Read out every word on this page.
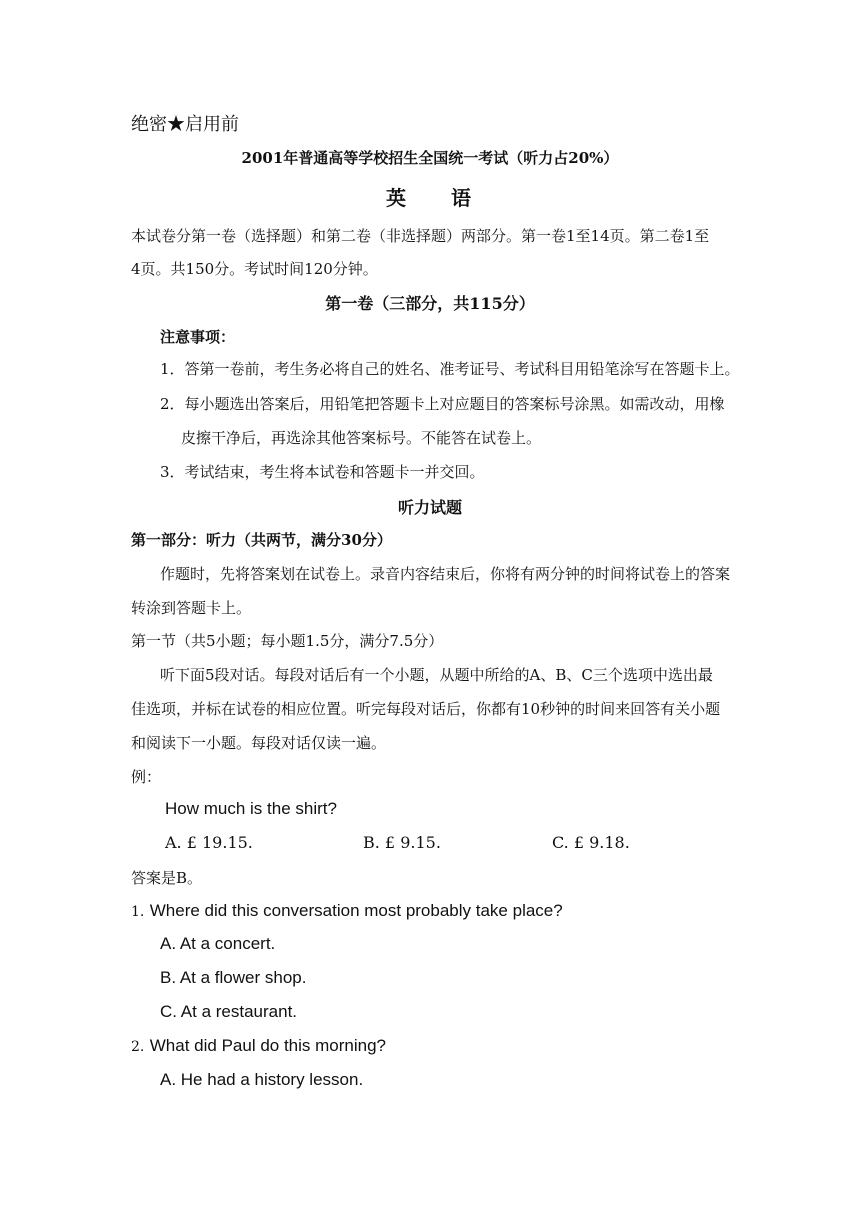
绝密★启用前
2001年普通高等学校招生全国统一考试（听力占20%）
英 语
本试卷分第一卷（选择题）和第二卷（非选择题）两部分。第一卷1至14页。第二卷1至
4页。共150分。考试时间120分钟。
第一卷（三部分，共115分）
注意事项：
1．答第一卷前，考生务必将自己的姓名、准考证号、考试科目用铅笔涂写在答题卡上。
2．每小题选出答案后，用铅笔把答题卡上对应题目的答案标号涂黑。如需改动，用橡
皮擦干净后，再选涂其他答案标号。不能答在试卷上。
3．考试结束，考生将本试卷和答题卡一并交回。
听力试题
第一部分：听力（共两节，满分30分）
作题时，先将答案划在试卷上。录音内容结束后，你将有两分钟的时间将试卷上的答案
转涂到答题卡上。
第一节（共5小题；每小题1.5分，满分7.5分）
听下面5段对话。每段对话后有一个小题，从题中所给的A、B、C三个选项中选出最
佳选项，并标在试卷的相应位置。听完每段对话后，你都有10秒钟的时间来回答有关小题
和阅读下一小题。每段对话仅读一遍。
例：
How much is the shirt?
A. £ 19.15.	B. £ 9.15.	C. £ 9.18.
答案是B。
1. Where did this conversation most probably take place?
A. At a concert.
B. At a flower shop.
C. At a restaurant.
2. What did Paul do this morning?
A. He had a history lesson.
